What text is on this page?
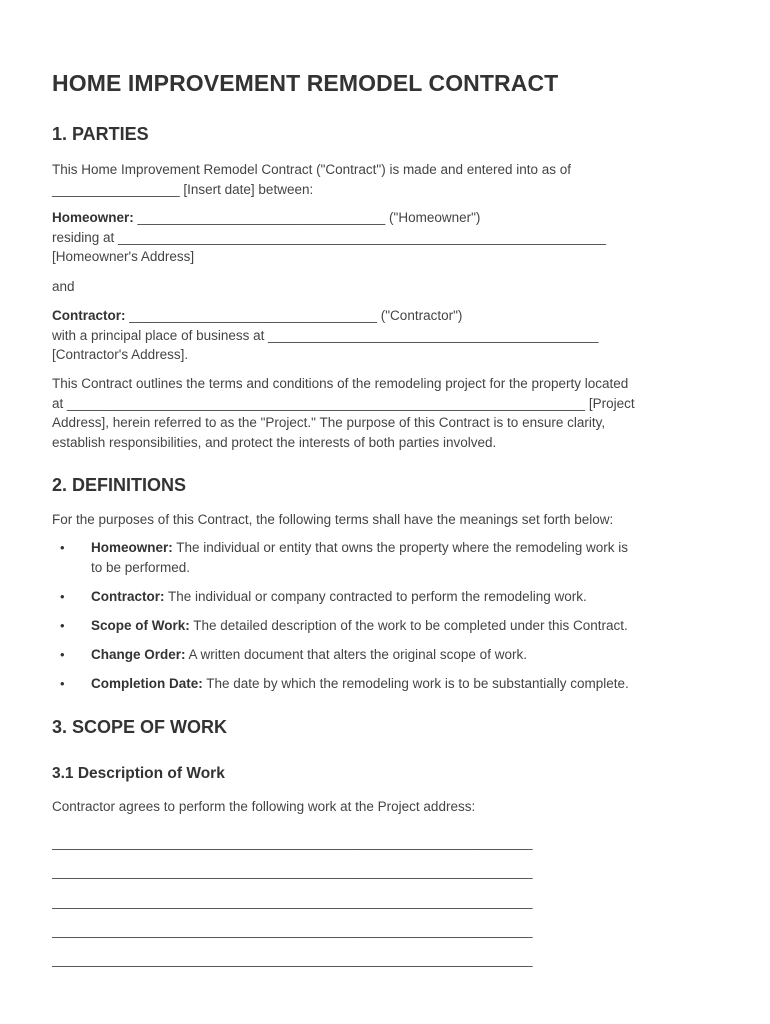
HOME IMPROVEMENT REMODEL CONTRACT
1. PARTIES

This Home Improvement Remodel Contract ("Contract") is made and entered into as of
_________________ [Insert date] between:

Homeowner: _________________________________ ("Homeowner")
residing at _________________________________________________________________
[Homeowner's Address]

and

Contractor: _________________________________ ("Contractor")
with a principal place of business at ____________________________________________
[Contractor's Address].

This Contract outlines the terms and conditions of the remodeling project for the property located
at _____________________________________________________________________ [Project
Address], herein referred to as the "Project." The purpose of this Contract is to ensure clarity,
establish responsibilities, and protect the interests of both parties involved.

2. DEFINITIONS

For the purposes of this Contract, the following terms shall have the meanings set forth below:

• Homeowner: The individual or entity that owns the property where the remodeling work is
to be performed.
• Contractor: The individual or company contracted to perform the remodeling work.
• Scope of Work: The detailed description of the work to be completed under this Contract.
• Change Order: A written document that alters the original scope of work.
• Completion Date: The date by which the remodeling work is to be substantially complete.
3. SCOPE OF WORK
3.1 Description of Work

Contractor agrees to perform the following work at the Project address:

________________________________________________________________
________________________________________________________________
________________________________________________________________
________________________________________________________________
________________________________________________________________
